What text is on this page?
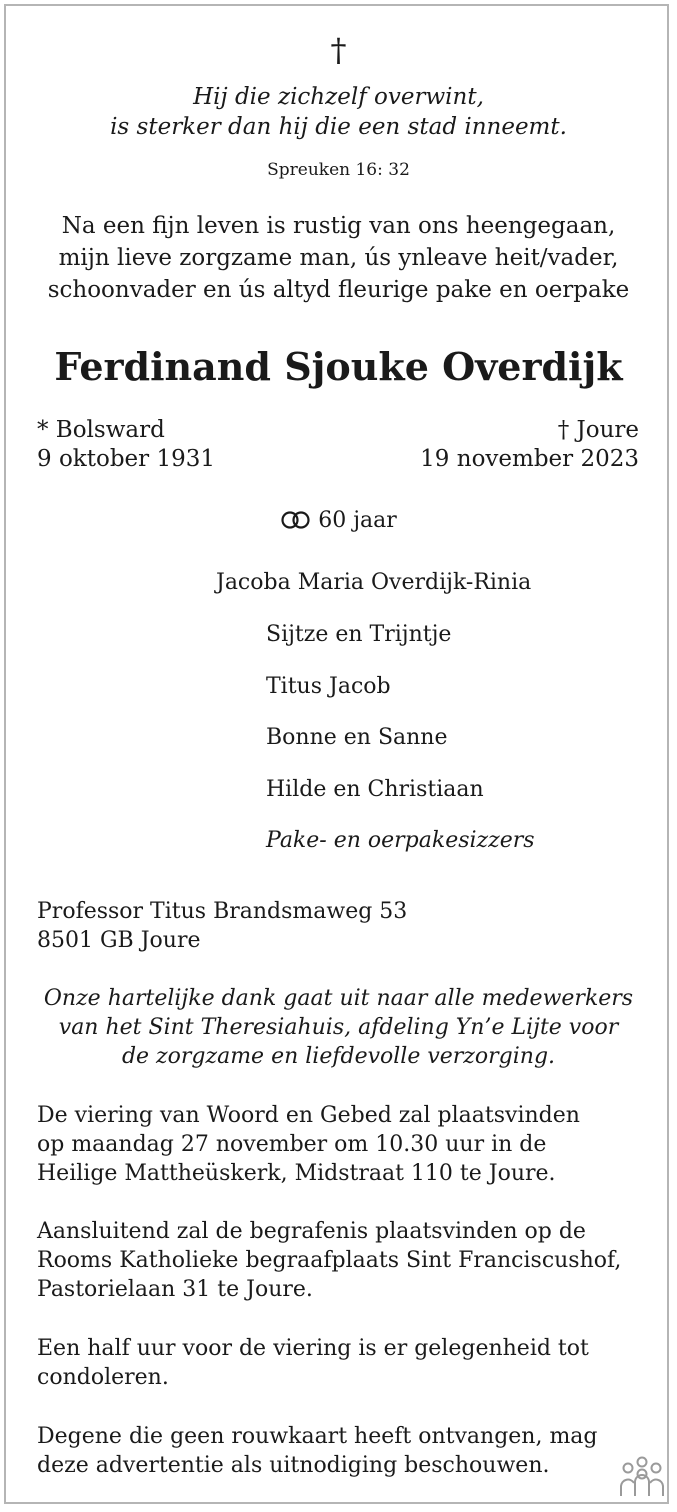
†
Hij die zichzelf overwint,
is sterker dan hij die een stad inneemt.
Spreuken 16: 32
Na een fijn leven is rustig van ons heengegaan,
mijn lieve zorgzame man, ús ynleave heit/vader,
schoonvader en ús altyd fleurige pake en oerpake
Ferdinand Sjouke Overdijk
* Bolsward
9 oktober 1931
† Joure
19 november 2023
60 jaar
Jacoba Maria Overdijk-Rinia
Sijtze en Trijntje
Titus Jacob
Bonne en Sanne
Hilde en Christiaan
Pake- en oerpakesizzers
Professor Titus Brandsmaweg 53
8501 GB Joure
Onze hartelijke dank gaat uit naar alle medewerkers
van het Sint Theresiahuis, afdeling Yn’e Lijte voor
de zorgzame en liefdevolle verzorging.
De viering van Woord en Gebed zal plaatsvinden
op maandag 27 november om 10.30 uur in de
Heilige Mattheüskerk, Midstraat 110 te Joure.
Aansluitend zal de begrafenis plaatsvinden op de
Rooms Katholieke begraafplaats Sint Franciscushof,
Pastorielaan 31 te Joure.
Een half uur voor de viering is er gelegenheid tot
condoleren.
Degene die geen rouwkaart heeft ontvangen, mag
deze advertentie als uitnodiging beschouwen.
